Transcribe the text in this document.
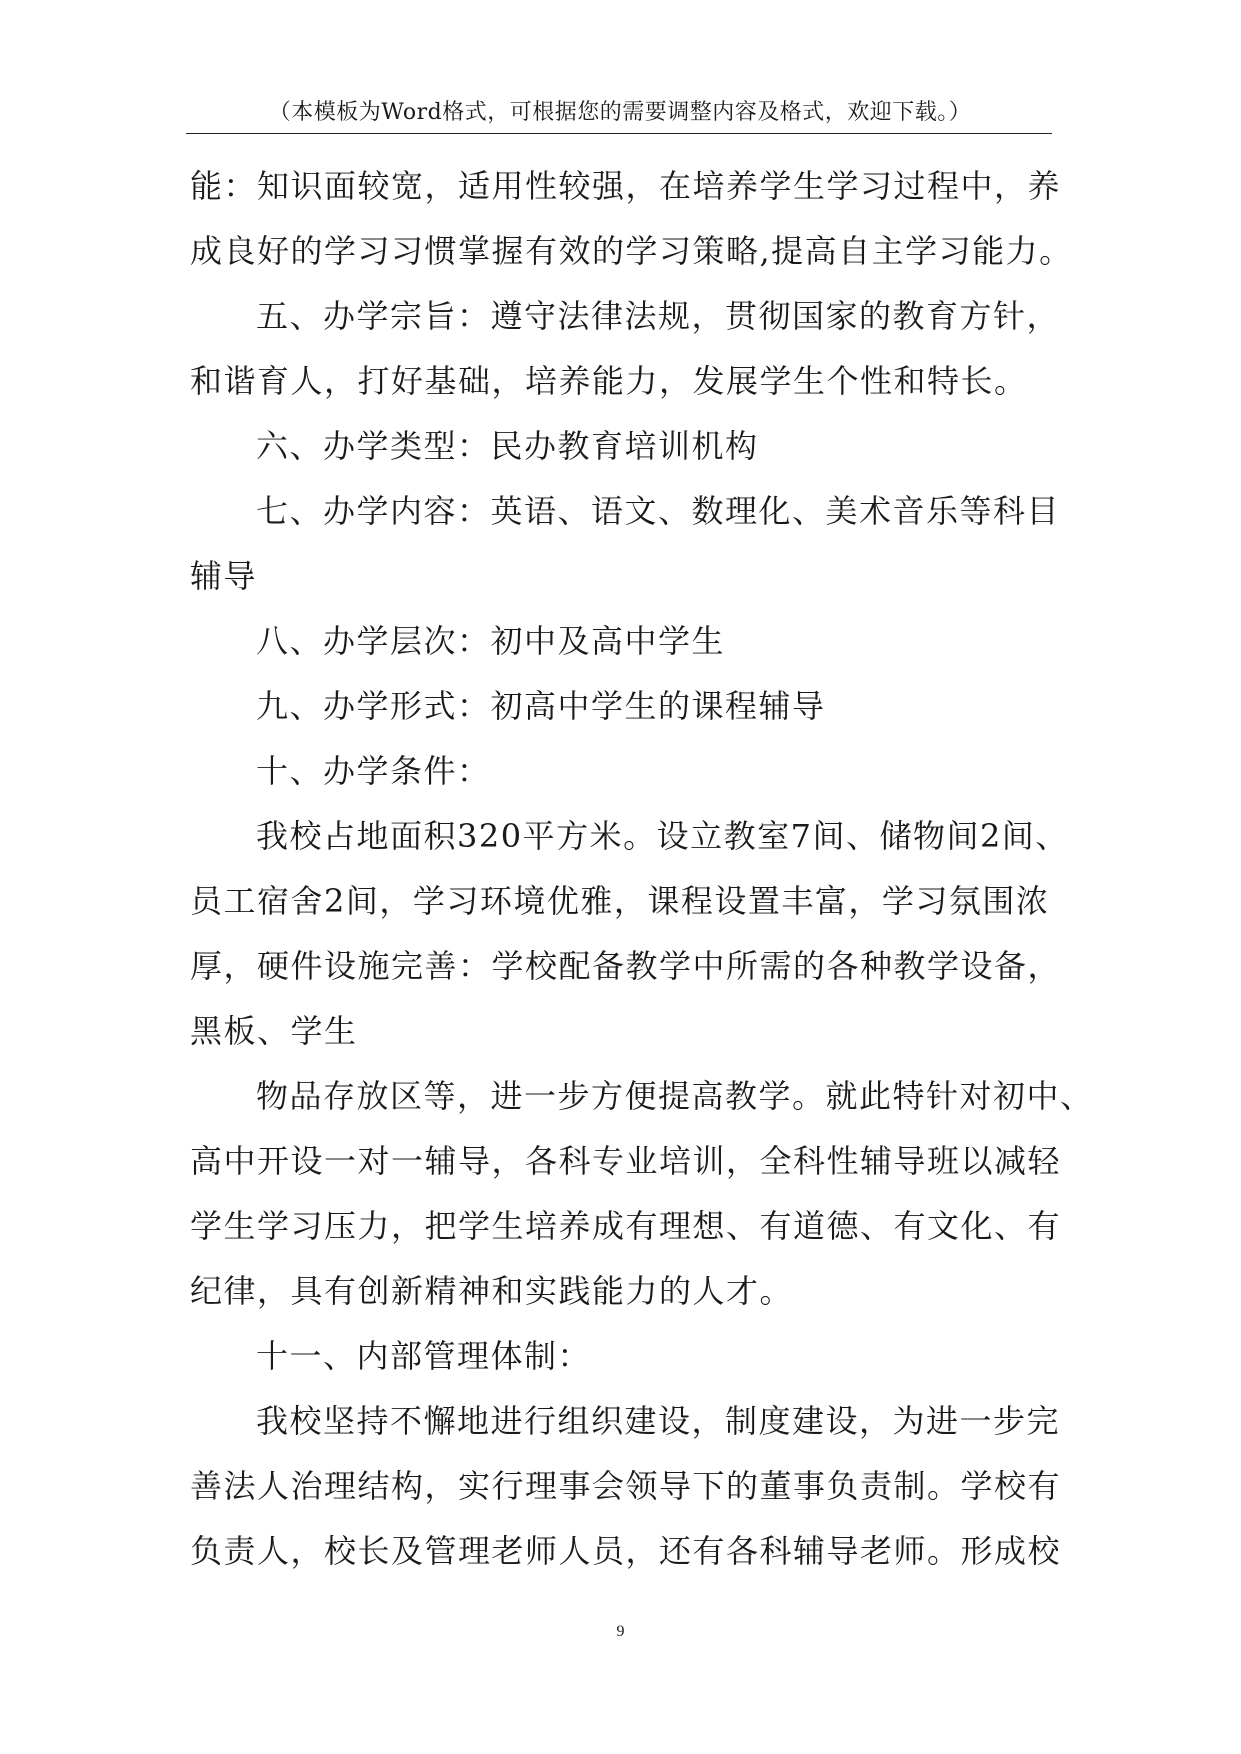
（本模板为Word格式，可根据您的需要调整内容及格式，欢迎下载。）
能：知识面较宽，适用性较强，在培养学生学习过程中，养
成良好的学习习惯掌握有效的学习策略,提高自主学习能力。
五、办学宗旨：遵守法律法规，贯彻国家的教育方针，
和谐育人，打好基础，培养能力，发展学生个性和特长。
六、办学类型：民办教育培训机构
七、办学内容：英语、语文、数理化、美术音乐等科目
辅导
八、办学层次：初中及高中学生
九、办学形式：初高中学生的课程辅导
十、办学条件：
我校占地面积320平方米。设立教室7间、储物间2间、
员工宿舍2间，学习环境优雅，课程设置丰富，学习氛围浓
厚，硬件设施完善：学校配备教学中所需的各种教学设备，
黑板、学生
物品存放区等，进一步方便提高教学。就此特针对初中、
高中开设一对一辅导，各科专业培训，全科性辅导班以减轻
学生学习压力，把学生培养成有理想、有道德、有文化、有
纪律，具有创新精神和实践能力的人才。
十一、内部管理体制：
我校坚持不懈地进行组织建设，制度建设，为进一步完
善法人治理结构，实行理事会领导下的董事负责制。学校有
负责人，校长及管理老师人员，还有各科辅导老师。形成校
9
